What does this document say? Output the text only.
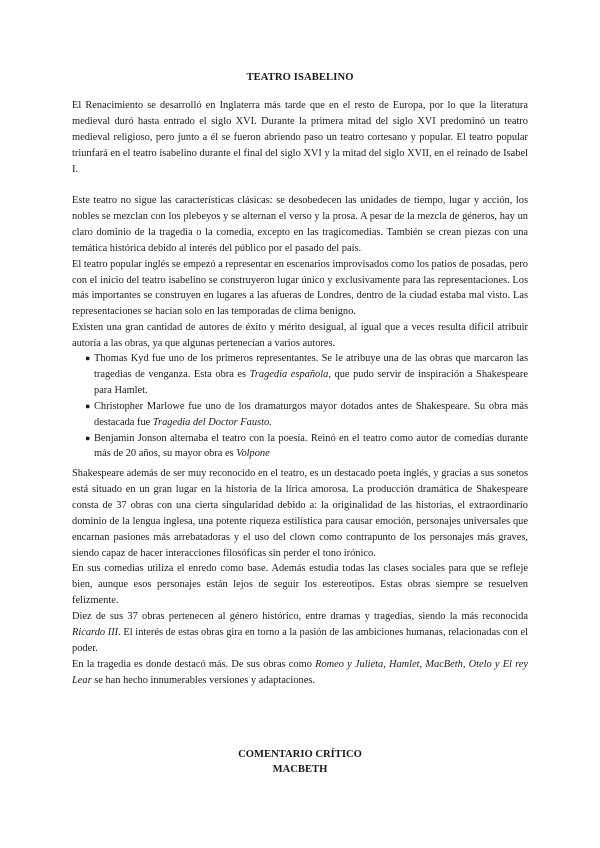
TEATRO ISABELINO

El Renacimiento se desarrolló en Inglaterra más tarde que en el resto de Europa, por lo que la literatura medieval duró hasta entrado el siglo XVI. Durante la primera mitad del siglo XVI predominó un teatro medieval religioso, pero junto a él se fueron abriendo paso un teatro cortesano y popular. El teatro popular triunfará en el teatro isabelino durante el final del siglo XVI y la mitad del siglo XVII, en el reinado de Isabel I.

Este teatro no sigue las características clásicas: se desobedecen las unidades de tiempo, lugar y acción, los nobles se mezclan con los plebeyos y se alternan el verso y la prosa. A pesar de la mezcla de géneros, hay un claro dominio de la tragedia o la comedia, excepto en las tragicomedias. También se crean piezas con una temática histórica debido al interés del público por el pasado del país.

El teatro popular inglés se empezó a representar en escenarios improvisados como los patios de posadas, pero con el inicio del teatro isabelino se construyeron lugar único y exclusivamente para las representaciones. Los más importantes se construyen en lugares a las afueras de Londres, dentro de la ciudad estaba mal visto. Las representaciones se hacían solo en las temporadas de clima benigno.

Existen una gran cantidad de autores de éxito y mérito desigual, al igual que a veces resulta difícil atribuir autoría a las obras, ya que algunas pertenecían a varios autores.

● Thomas Kyd fue uno de los primeros representantes. Se le atribuye una de las obras que marcaron las tragedias de venganza. Esta obra es Tragedia española, que pudo servir de inspiración a Shakespeare para Hamlet.
● Christopher Marlowe fue uno de los dramaturgos mayor dotados antes de Shakespeare. Su obra más destacada fue Tragedia del Doctor Fausto.
● Benjamin Jonson alternaba el teatro con la poesía. Reinó en el teatro como autor de comedias durante más de 20 años, su mayor obra es Volpone

Shakespeare además de ser muy reconocido en el teatro, es un destacado poeta inglés, y gracias a sus sonetos está situado en un gran lugar en la historia de la lírica amorosa. La producción dramática de Shakespeare consta de 37 obras con una cierta singularidad debido a: la originalidad de las historias, el extraordinario dominio de la lengua inglesa, una potente riqueza estilística para causar emoción, personajes universales que encarnan pasiones más arrebatadoras y el uso del clown como contrapunto de los personajes más graves, siendo capaz de hacer interacciones filosóficas sin perder el tono irónico.

En sus comedias utiliza el enredo como base. Además estudia todas las clases sociales para que se refleje bien, aunque esos personajes están lejos de seguir los estereotipos. Estas obras siempre se resuelven felizmente.

Diez de sus 37 obras pertenecen al género histórico, entre dramas y tragedias, siendo la más reconocida Ricardo III. El interés de estas obras gira en torno a la pasión de las ambiciones humanas, relacionadas con el poder.

En la tragedia es donde destacó más. De sus obras como Romeo y Julieta, Hamlet, MacBeth, Otelo y El rey Lear se han hecho innumerables versiones y adaptaciones.

COMENTARIO CRÍTICO
MACBETH
